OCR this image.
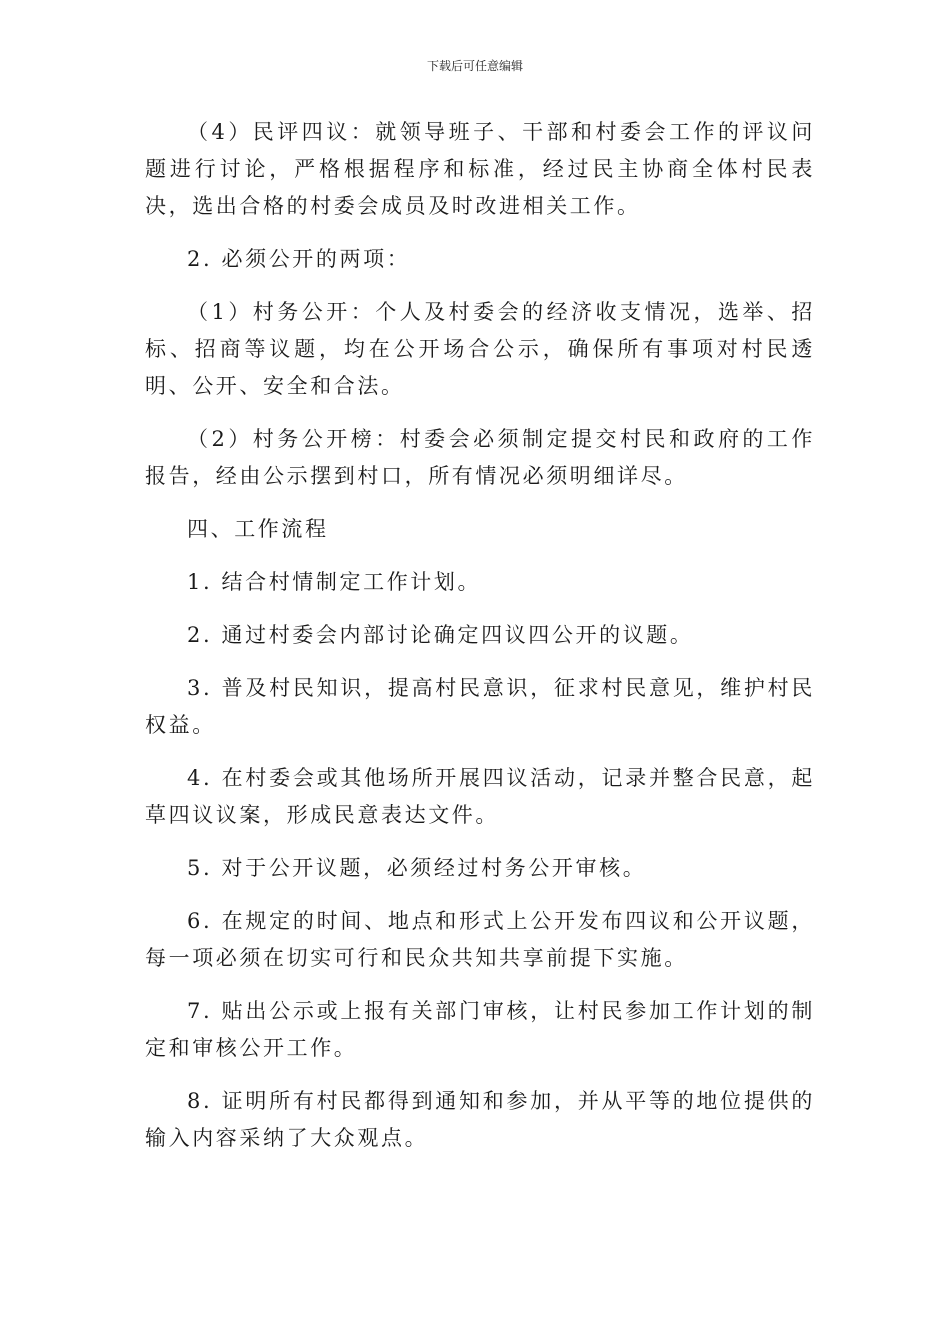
下载后可任意编辑

（4）民评四议：就领导班子、干部和村委会工作的评议问题进行讨论，严格根据程序和标准，经过民主协商全体村民表决，选出合格的村委会成员及时改进相关工作。

2. 必须公开的两项：

（1）村务公开：个人及村委会的经济收支情况，选举、招标、招商等议题，均在公开场合公示，确保所有事项对村民透明、公开、安全和合法。

（2）村务公开榜：村委会必须制定提交村民和政府的工作报告，经由公示摆到村口，所有情况必须明细详尽。

四、工作流程

1. 结合村情制定工作计划。

2. 通过村委会内部讨论确定四议四公开的议题。

3. 普及村民知识，提高村民意识，征求村民意见，维护村民权益。

4. 在村委会或其他场所开展四议活动，记录并整合民意，起草四议议案，形成民意表达文件。

5. 对于公开议题，必须经过村务公开审核。

6. 在规定的时间、地点和形式上公开发布四议和公开议题，每一项必须在切实可行和民众共知共享前提下实施。

7. 贴出公示或上报有关部门审核，让村民参加工作计划的制定和审核公开工作。

8. 证明所有村民都得到通知和参加，并从平等的地位提供的输入内容采纳了大众观点。
